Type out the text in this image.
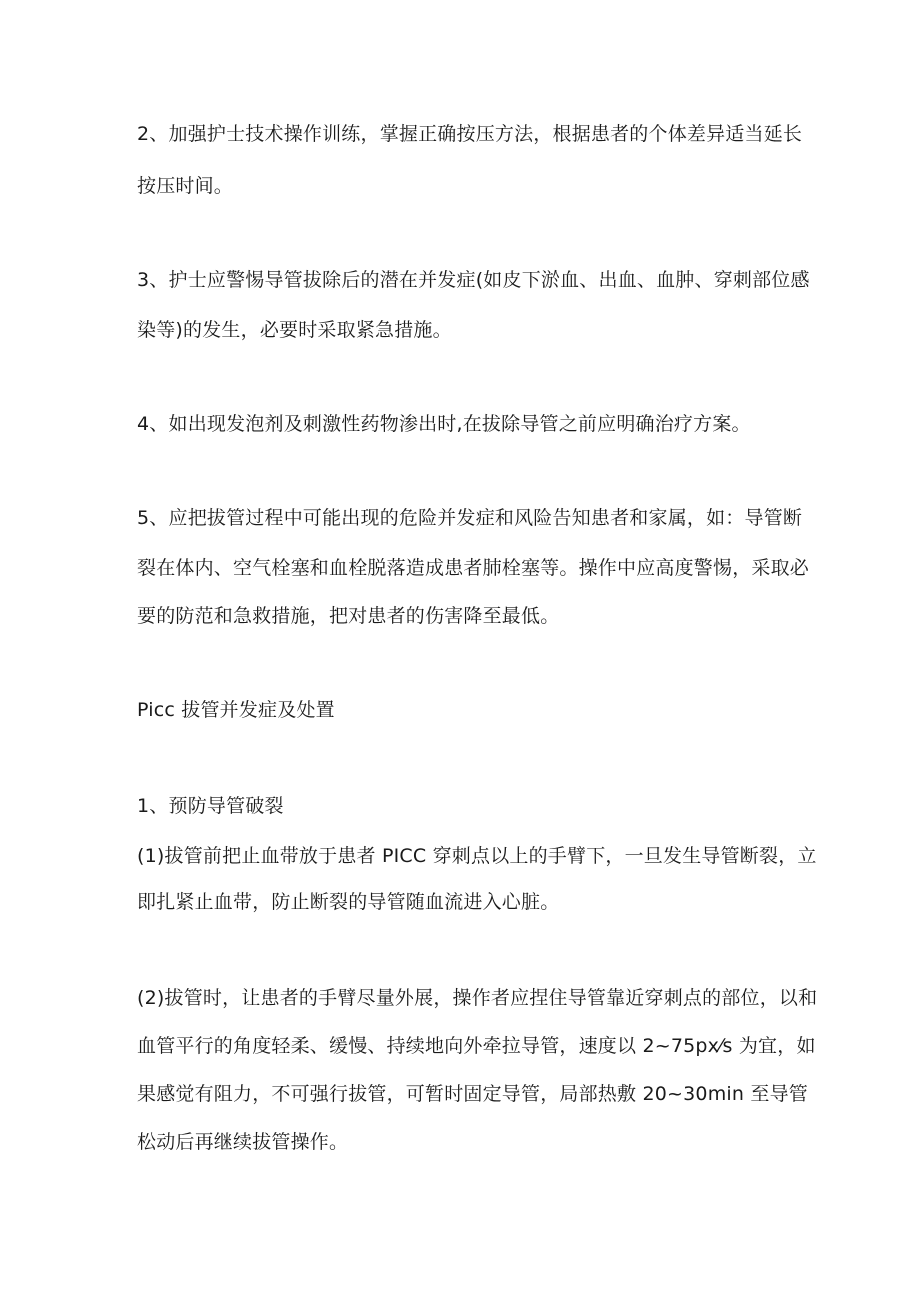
2、加强护士技术操作训练，掌握正确按压方法，根据患者的个体差异适当延长
按压时间。
3、护士应警惕导管拔除后的潜在并发症(如皮下淤血、出血、血肿、穿刺部位感
染等)的发生，必要时采取紧急措施。
4、如出现发泡剂及刺激性药物渗出时,在拔除导管之前应明确治疗方案。
5、应把拔管过程中可能出现的危险并发症和风险告知患者和家属，如：导管断
裂在体内、空气栓塞和血栓脱落造成患者肺栓塞等。操作中应高度警惕，采取必
要的防范和急救措施，把对患者的伤害降至最低。
Picc 拔管并发症及处置
1、预防导管破裂
(1)拔管前把止血带放于患者 PICC 穿刺点以上的手臂下，一旦发生导管断裂，立
即扎紧止血带，防止断裂的导管随血流进入心脏。
(2)拔管时，让患者的手臂尽量外展，操作者应捏住导管靠近穿刺点的部位，以和
血管平行的角度轻柔、缓慢、持续地向外牵拉导管，速度以 2~75px⁄s 为宜，如
果感觉有阻力，不可强行拔管，可暂时固定导管，局部热敷 20~30min 至导管
松动后再继续拔管操作。
